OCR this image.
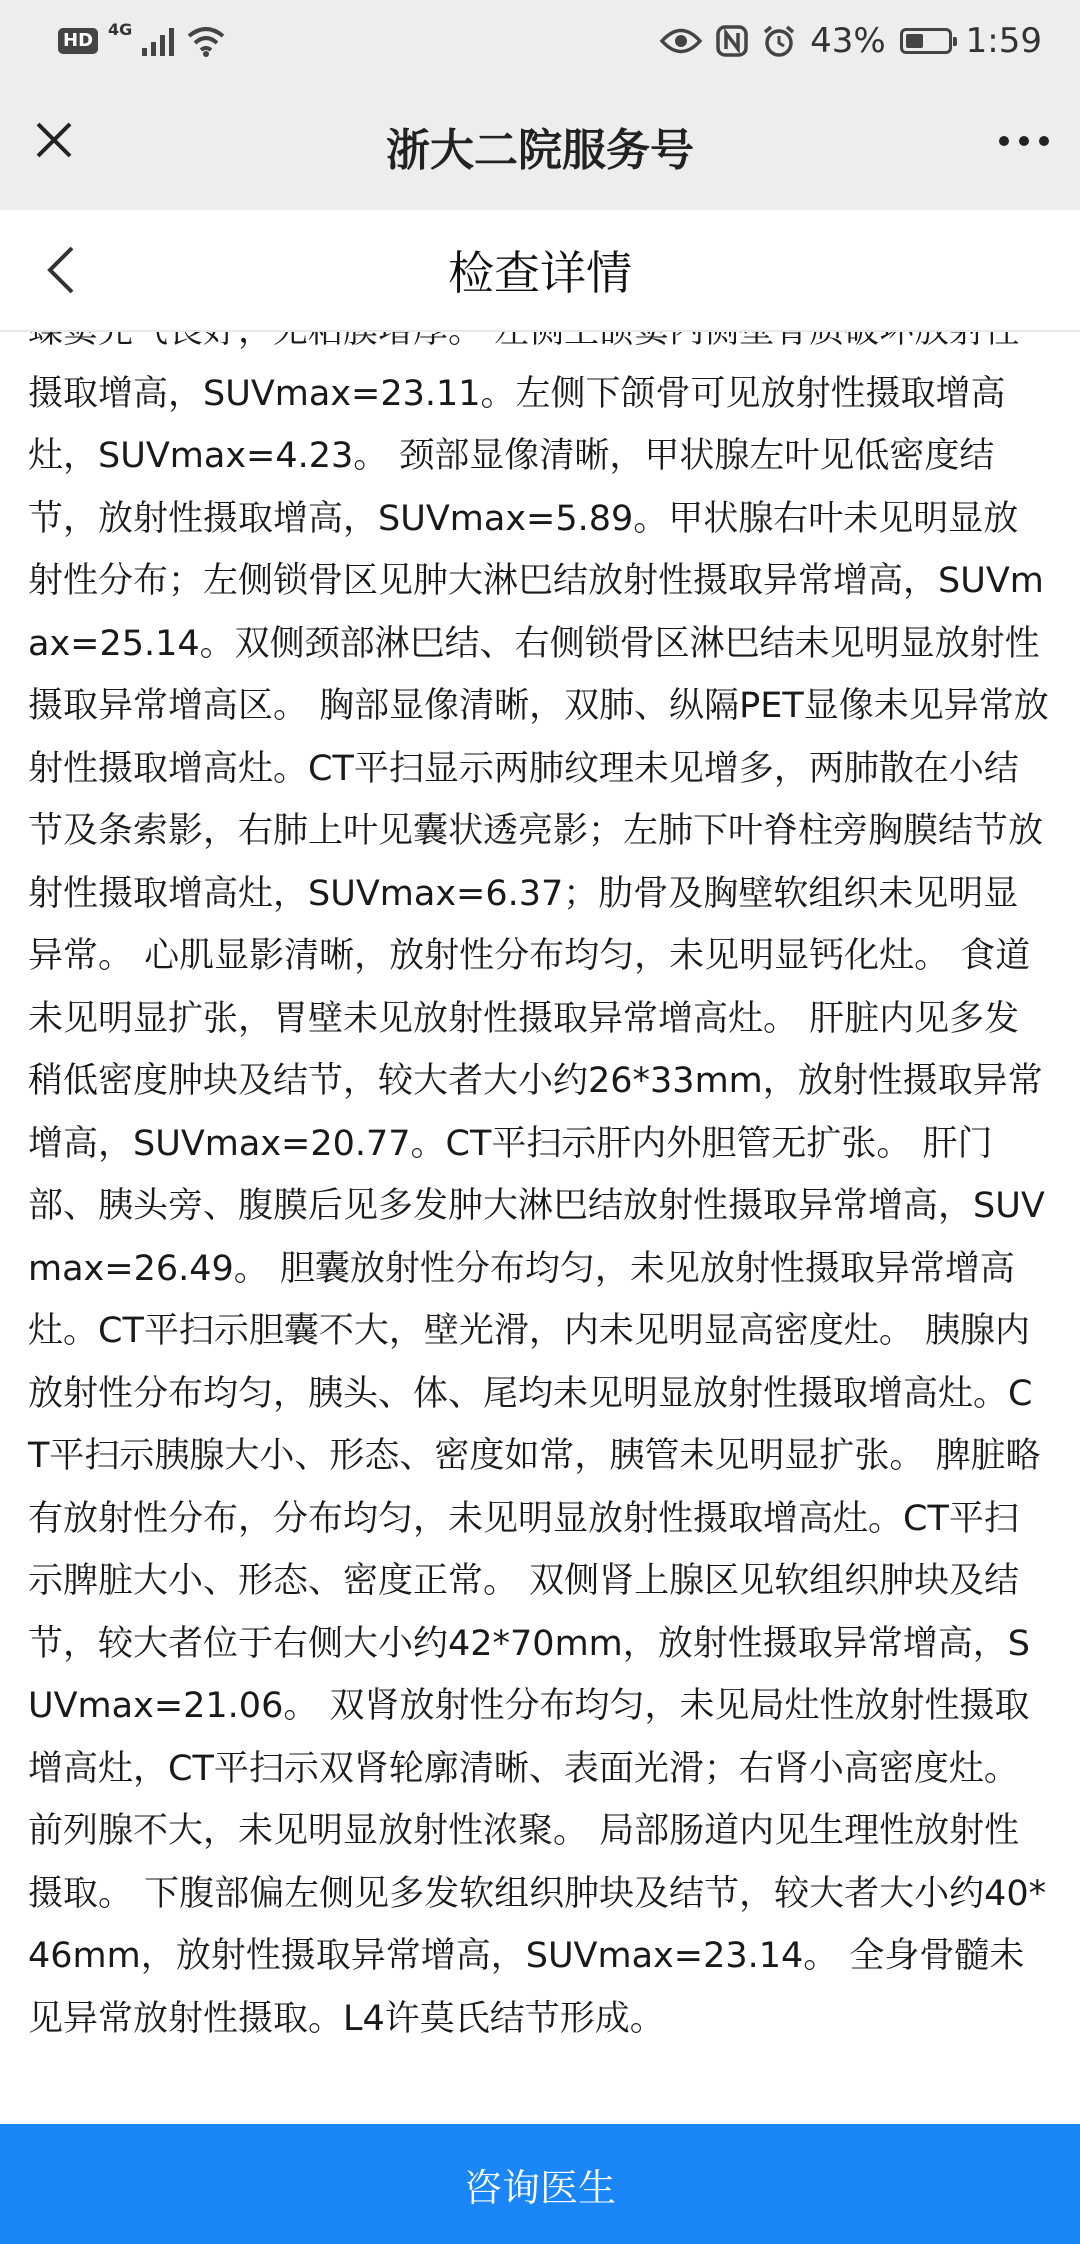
HD
4G	43% 1:59
浙大二院服务号
检查详情

摄取增高，SUVmax=23.11。左侧下颌骨可见放射性摄取增高灶，SUVmax=4.23。 颈部显像清晰，甲状腺左叶见低密度结节，放射性摄取增高，SUVmax=5.89。甲状腺右叶未见明显放射性分布；左侧锁骨区见肿大淋巴结放射性摄取异常增高，SUVmax=25.14。双侧颈部淋巴结、右侧锁骨区淋巴结未见明显放射性摄取异常增高区。 胸部显像清晰，双肺、纵隔PET显像未见异常放射性摄取增高灶。CT平扫显示两肺纹理未见增多，两肺散在小结节及条索影，右肺上叶见囊状透亮影；左肺下叶脊柱旁胸膜结节放射性摄取增高灶，SUVmax=6.37；肋骨及胸壁软组织未见明显异常。 心肌显影清晰，放射性分布均匀，未见明显钙化灶。 食道未见明显扩张，胃壁未见放射性摄取异常增高灶。 肝脏内见多发稍低密度肿块及结节，较大者大小约26*33mm，放射性摄取异常增高，SUVmax=20.77。CT平扫示肝内外胆管无扩张。 肝门部、胰头旁、腹膜后见多发肿大淋巴结放射性摄取异常增高，SUVmax=26.49。 胆囊放射性分布均匀，未见放射性摄取异常增高灶。CT平扫示胆囊不大，壁光滑，内未见明显高密度灶。 胰腺内放射性分布均匀，胰头、体、尾均未见明显放射性摄取增高灶。CT平扫示胰腺大小、形态、密度如常，胰管未见明显扩张。 脾脏略有放射性分布，分布均匀，未见明显放射性摄取增高灶。CT平扫示脾脏大小、形态、密度正常。 双侧肾上腺区见软组织肿块及结节，较大者位于右侧大小约42*70mm，放射性摄取异常增高，SUVmax=21.06。 双肾放射性分布均匀，未见局灶性放射性摄取增高灶，CT平扫示双肾轮廓清晰、表面光滑；右肾小高密度灶。 前列腺不大，未见明显放射性浓聚。 局部肠道内见生理性放射性摄取。 下腹部偏左侧见多发软组织肿块及结节，较大者大小约40*46mm，放射性摄取异常增高，SUVmax=23.14。 全身骨髓未见异常放射性摄取。L4许莫氏结节形成。

咨询医生
